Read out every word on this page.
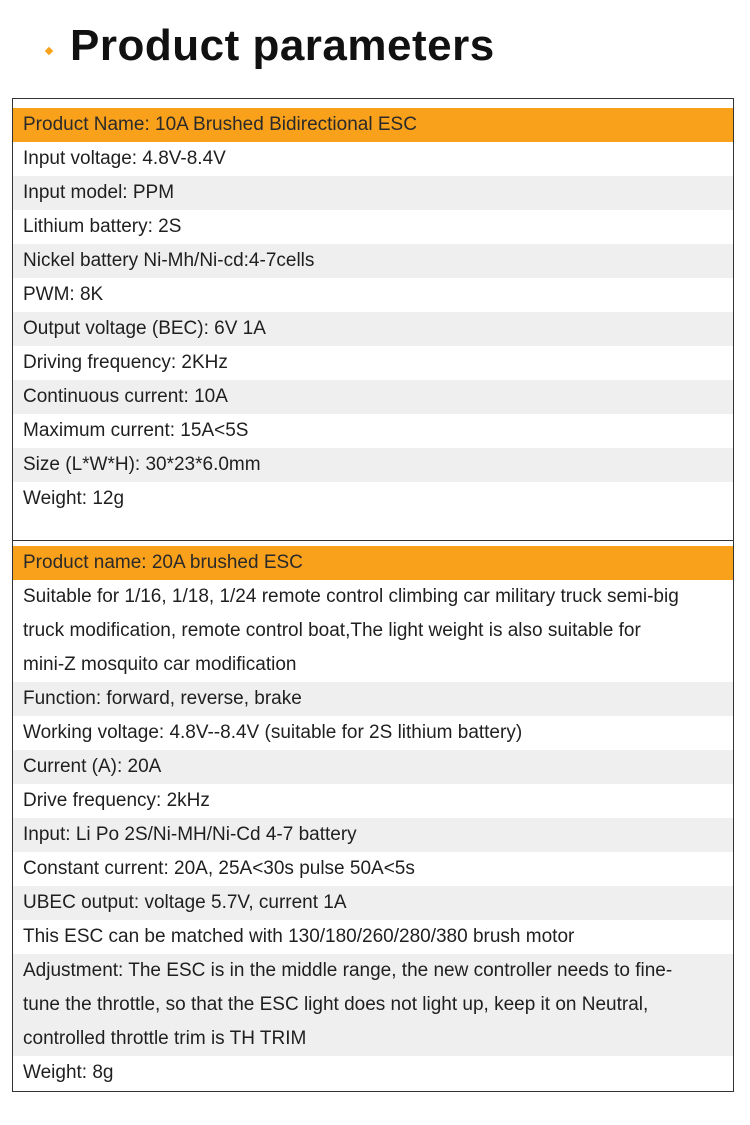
Product parameters
Product Name: 10A Brushed Bidirectional ESC
Input voltage: 4.8V-8.4V
Input model: PPM
Lithium battery: 2S
Nickel battery Ni-Mh/Ni-cd:4-7cells
PWM: 8K
Output voltage (BEC): 6V 1A
Driving frequency: 2KHz
Continuous current: 10A
Maximum current: 15A<5S
Size (L*W*H): 30*23*6.0mm
Weight: 12g
Product name: 20A brushed ESC
Suitable for 1/16, 1/18, 1/24 remote control climbing car military truck semi-big
truck modification, remote control boat,The light weight is also suitable for
mini-Z mosquito car modification
Function: forward, reverse, brake
Working voltage: 4.8V--8.4V (suitable for 2S lithium battery)
Current (A): 20A
Drive frequency: 2kHz
Input: Li Po 2S/Ni-MH/Ni-Cd 4-7 battery
Constant current: 20A, 25A<30s pulse 50A<5s
UBEC output: voltage 5.7V, current 1A
This ESC can be matched with 130/180/260/280/380 brush motor
Adjustment: The ESC is in the middle range, the new controller needs to fine-
tune the throttle, so that the ESC light does not light up, keep it on Neutral,
controlled throttle trim is TH TRIM
Weight: 8g
